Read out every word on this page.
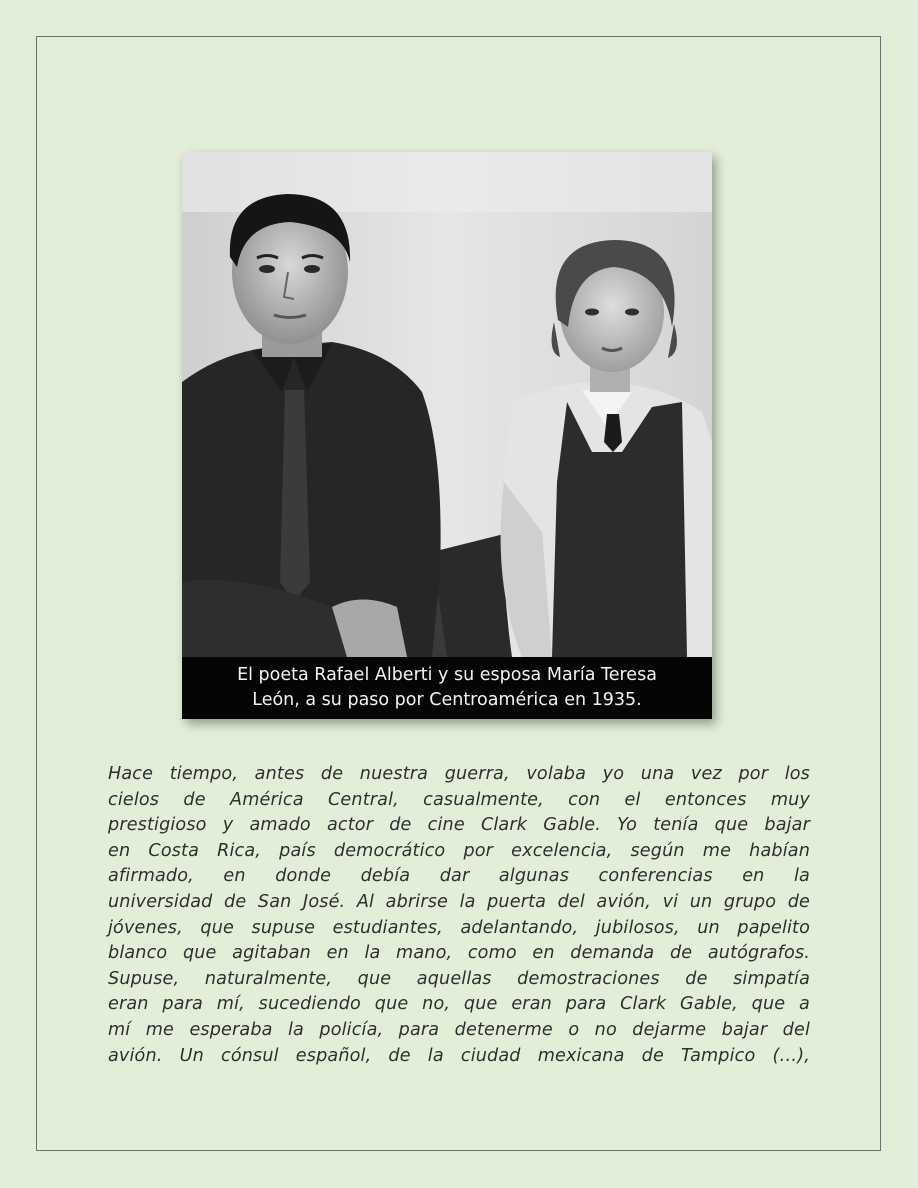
El poeta Rafael Alberti y su esposa María Teresa
León, a su paso por Centroamérica en 1935.
Hace tiempo, antes de nuestra guerra, volaba yo una vez por los
cielos de América Central, casualmente, con el entonces muy
prestigioso y amado actor de cine Clark Gable. Yo tenía que bajar
en Costa Rica, país democrático por excelencia, según me habían
afirmado, en donde debía dar algunas conferencias en la
universidad de San José. Al abrirse la puerta del avión, vi un grupo de
jóvenes, que supuse estudiantes, adelantando, jubilosos, un papelito
blanco que agitaban en la mano, como en demanda de autógrafos.
Supuse, naturalmente, que aquellas demostraciones de simpatía
eran para mí, sucediendo que no, que eran para Clark Gable, que a
mí me esperaba la policía, para detenerme o no dejarme bajar del
avión. Un cónsul español, de la ciudad mexicana de Tampico (…),
